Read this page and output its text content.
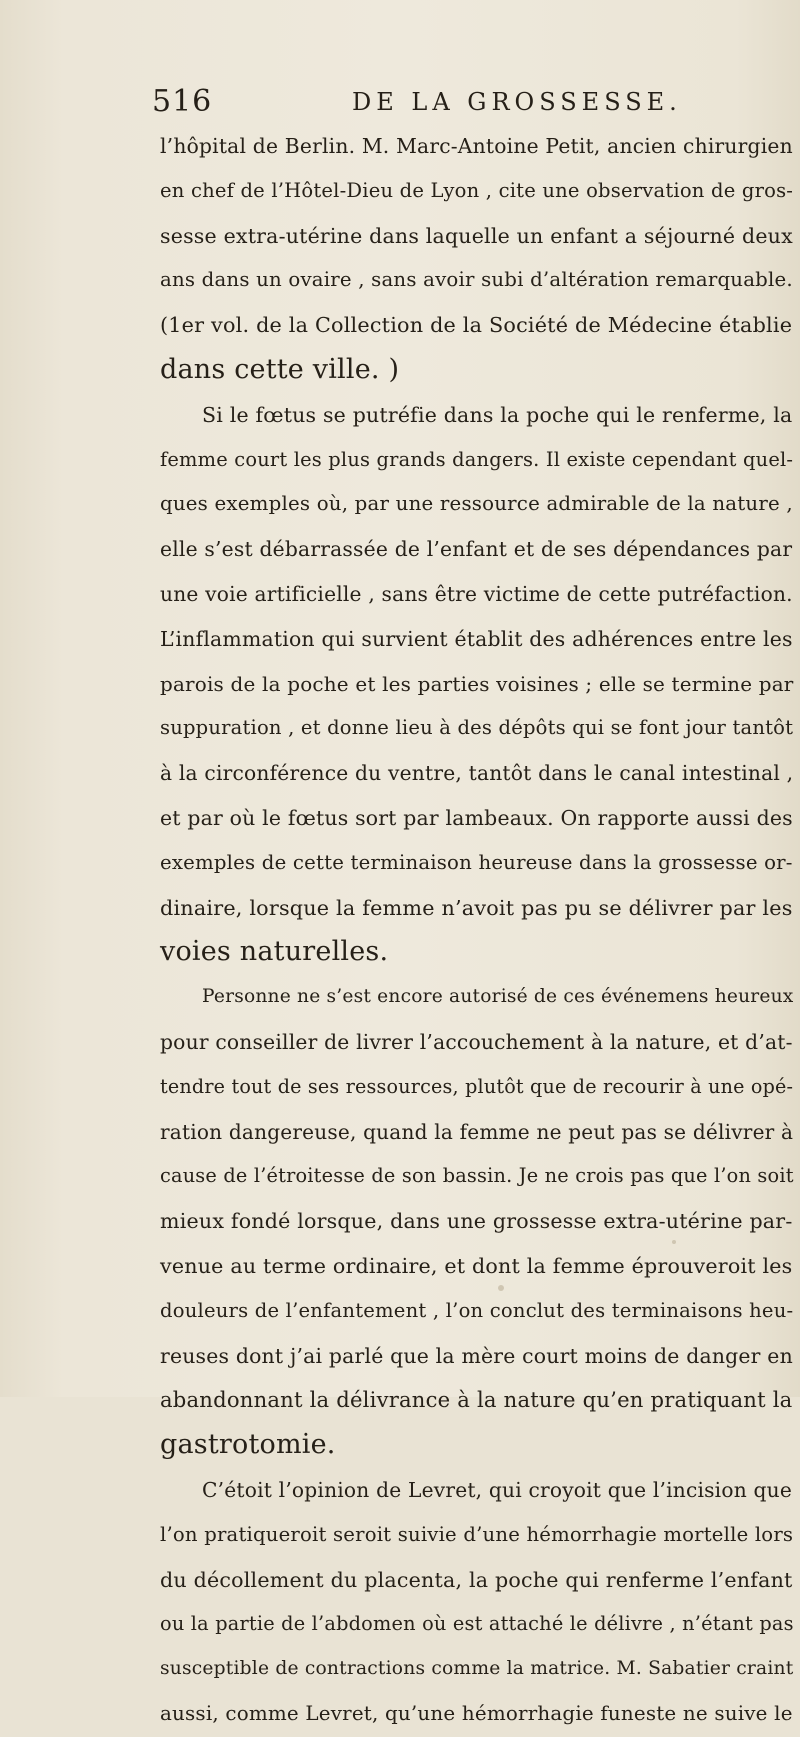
516	DE LA GROSSESSE.
l’hôpital de Berlin. M. Marc-Antoine Petit, ancien chirurgien
en chef de l’Hôtel-Dieu de Lyon , cite une observation de gros-
sesse extra-utérine dans laquelle un enfant a séjourné deux
ans dans un ovaire , sans avoir subi d’altération remarquable.
(1er vol. de la Collection de la Société de Médecine établie
dans cette ville. )
Si le fœtus se putréfie dans la poche qui le renferme, la
femme court les plus grands dangers. Il existe cependant quel-
ques exemples où, par une ressource admirable de la nature ,
elle s’est débarrassée de l’enfant et de ses dépendances par
une voie artificielle , sans être victime de cette putréfaction.
L’inflammation qui survient établit des adhérences entre les
parois de la poche et les parties voisines ; elle se termine par
suppuration , et donne lieu à des dépôts qui se font jour tantôt
à la circonférence du ventre, tantôt dans le canal intestinal ,
et par où le fœtus sort par lambeaux. On rapporte aussi des
exemples de cette terminaison heureuse dans la grossesse or-
dinaire, lorsque la femme n’avoit pas pu se délivrer par les
voies naturelles.
Personne ne s’est encore autorisé de ces événemens heureux
pour conseiller de livrer l’accouchement à la nature, et d’at-
tendre tout de ses ressources, plutôt que de recourir à une opé-
ration dangereuse, quand la femme ne peut pas se délivrer à
cause de l’étroitesse de son bassin. Je ne crois pas que l’on soit
mieux fondé lorsque, dans une grossesse extra-utérine par-
venue au terme ordinaire, et dont la femme éprouveroit les
douleurs de l’enfantement , l’on conclut des terminaisons heu-
reuses dont j’ai parlé que la mère court moins de danger en
abandonnant la délivrance à la nature qu’en pratiquant la
gastrotomie.
C’étoit l’opinion de Levret, qui croyoit que l’incision que
l’on pratiqueroit seroit suivie d’une hémorrhagie mortelle lors
du décollement du placenta, la poche qui renferme l’enfant
ou la partie de l’abdomen où est attaché le délivre , n’étant pas
susceptible de contractions comme la matrice. M. Sabatier craint
aussi, comme Levret, qu’une hémorrhagie funeste ne suive le
